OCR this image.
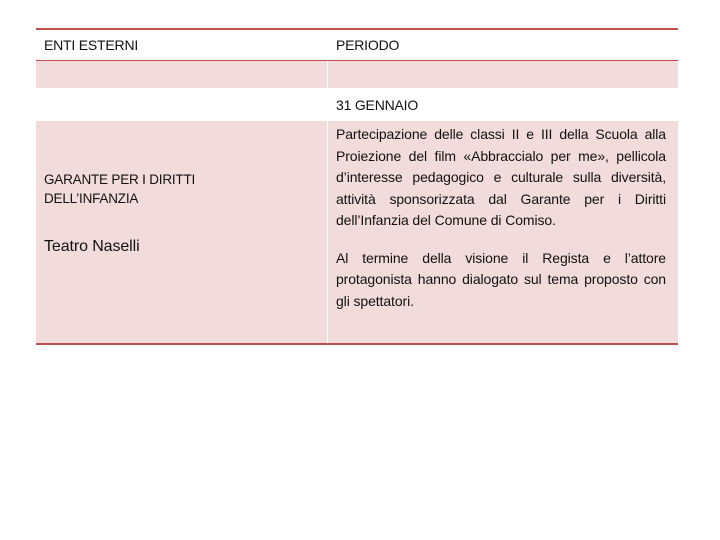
ENTI ESTERNI	PERIODO
31 GENNAIO
GARANTE PER I DIRITTI
DELL’INFANZIA
Teatro Naselli
Partecipazione delle classi II e III della Scuola alla Proiezione del film «Abbraccialo per me», pellicola d’interesse pedagogico e culturale sulla diversità, attività sponsorizzata dal Garante per i Diritti dell’Infanzia del Comune di Comiso.
Al termine della visione il Regista e l’attore protagonista hanno dialogato sul tema proposto con gli spettatori.
